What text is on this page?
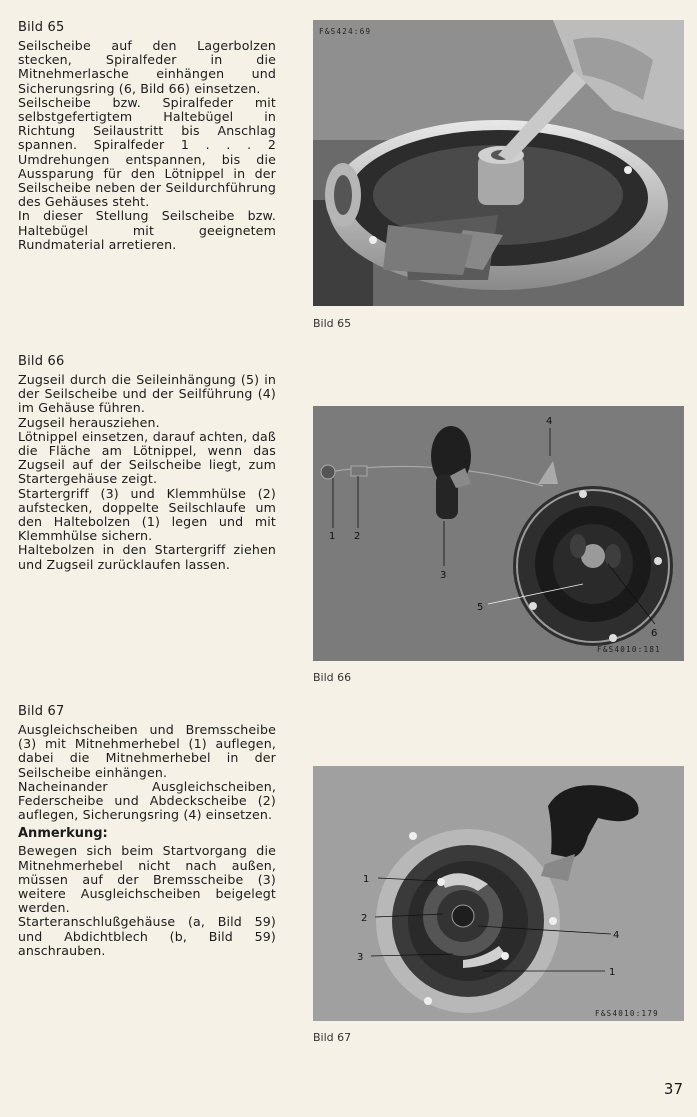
Bild 65

Seilscheibe auf den Lagerbolzen stecken, Spiralfeder in die Mitnehmerlasche einhängen und Sicherungsring (6, Bild 66) einsetzen.

Seilscheibe bzw. Spiralfeder mit selbstgefertigtem Haltebügel in Richtung Seilaustritt bis Anschlag spannen. Spiralfeder 1 . . . 2 Umdrehungen entspannen, bis die Aussparung für den Lötnippel in der Seilscheibe neben der Seildurchführung des Gehäuses steht.

In dieser Stellung Seilscheibe bzw. Haltebügel mit geeignetem Rundmaterial arretieren.

Bild 66

Zugseil durch die Seileinhängung (5) in der Seilscheibe und der Seilführung (4) im Gehäuse führen.

Zugseil herausziehen.

Lötnippel einsetzen, darauf achten, daß die Fläche am Lötnippel, wenn das Zugseil auf der Seilscheibe liegt, zum Startergehäuse zeigt.

Startergriff (3) und Klemmhülse (2) aufstecken, doppelte Seilschlaufe um den Haltebolzen (1) legen und mit Klemmhülse sichern.

Haltebolzen in den Startergriff ziehen und Zugseil zurücklaufen lassen.

Bild 67

Ausgleichscheiben und Bremsscheibe (3) mit Mitnehmerhebel (1) auflegen, dabei die Mitnehmerhebel in der Seilscheibe einhängen.

Nacheinander Ausgleichscheiben, Federscheibe und Abdeckscheibe (2) auflegen, Sicherungsring (4) einsetzen.

Anmerkung:

Bewegen sich beim Startvorgang die Mitnehmerhebel nicht nach außen, müssen auf der Bremsscheibe (3) weitere Ausgleichscheiben beigelegt werden.

Starteranschlußgehäuse (a, Bild 59) und Abdichtblech (b, Bild 59) anschrauben.

F&S424:69
Bild 65
1 2
3
4
5
6
F&S4010:181
Bild 66
1
2
3
4
1
F&S4010:179
Bild 67
37
